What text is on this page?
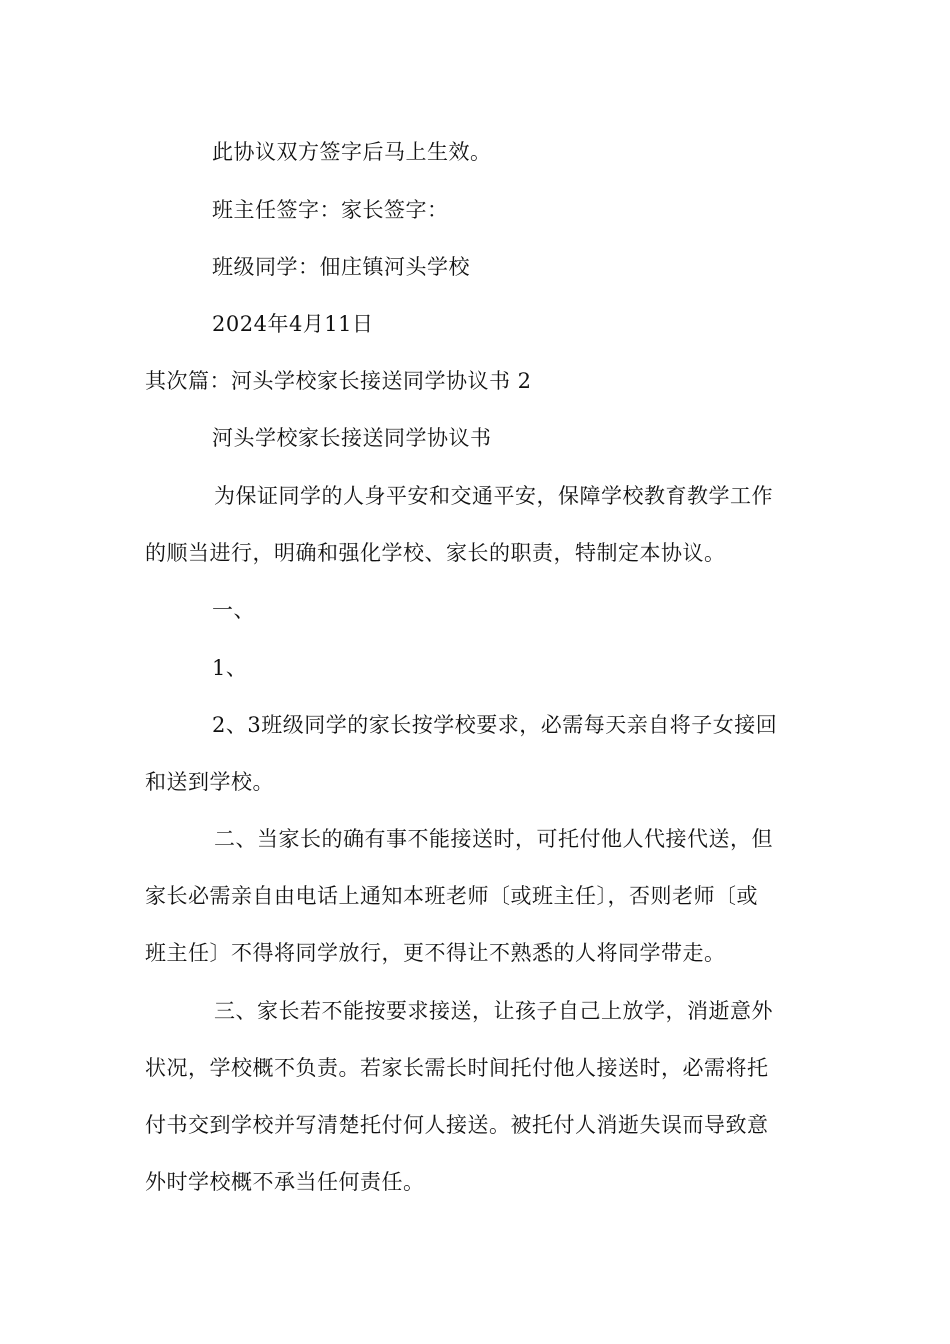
此协议双方签字后马上生效。
班主任签字：家长签字：
班级同学：佃庄镇河头学校
2024年4月11日
其次篇：河头学校家长接送同学协议书 2
河头学校家长接送同学协议书
为保证同学的人身平安和交通平安，保障学校教育教学工作
的顺当进行，明确和强化学校、家长的职责，特制定本协议。
一、
1、
2、3班级同学的家长按学校要求，必需每天亲自将子女接回
和送到学校。
二、当家长的确有事不能接送时，可托付他人代接代送，但
家长必需亲自由电话上通知本班老师〔或班主任〕，否则老师〔或
班主任〕不得将同学放行，更不得让不熟悉的人将同学带走。
三、家长若不能按要求接送，让孩子自己上放学，消逝意外
状况，学校概不负责。若家长需长时间托付他人接送时，必需将托
付书交到学校并写清楚托付何人接送。被托付人消逝失误而导致意
外时学校概不承当任何责任。
